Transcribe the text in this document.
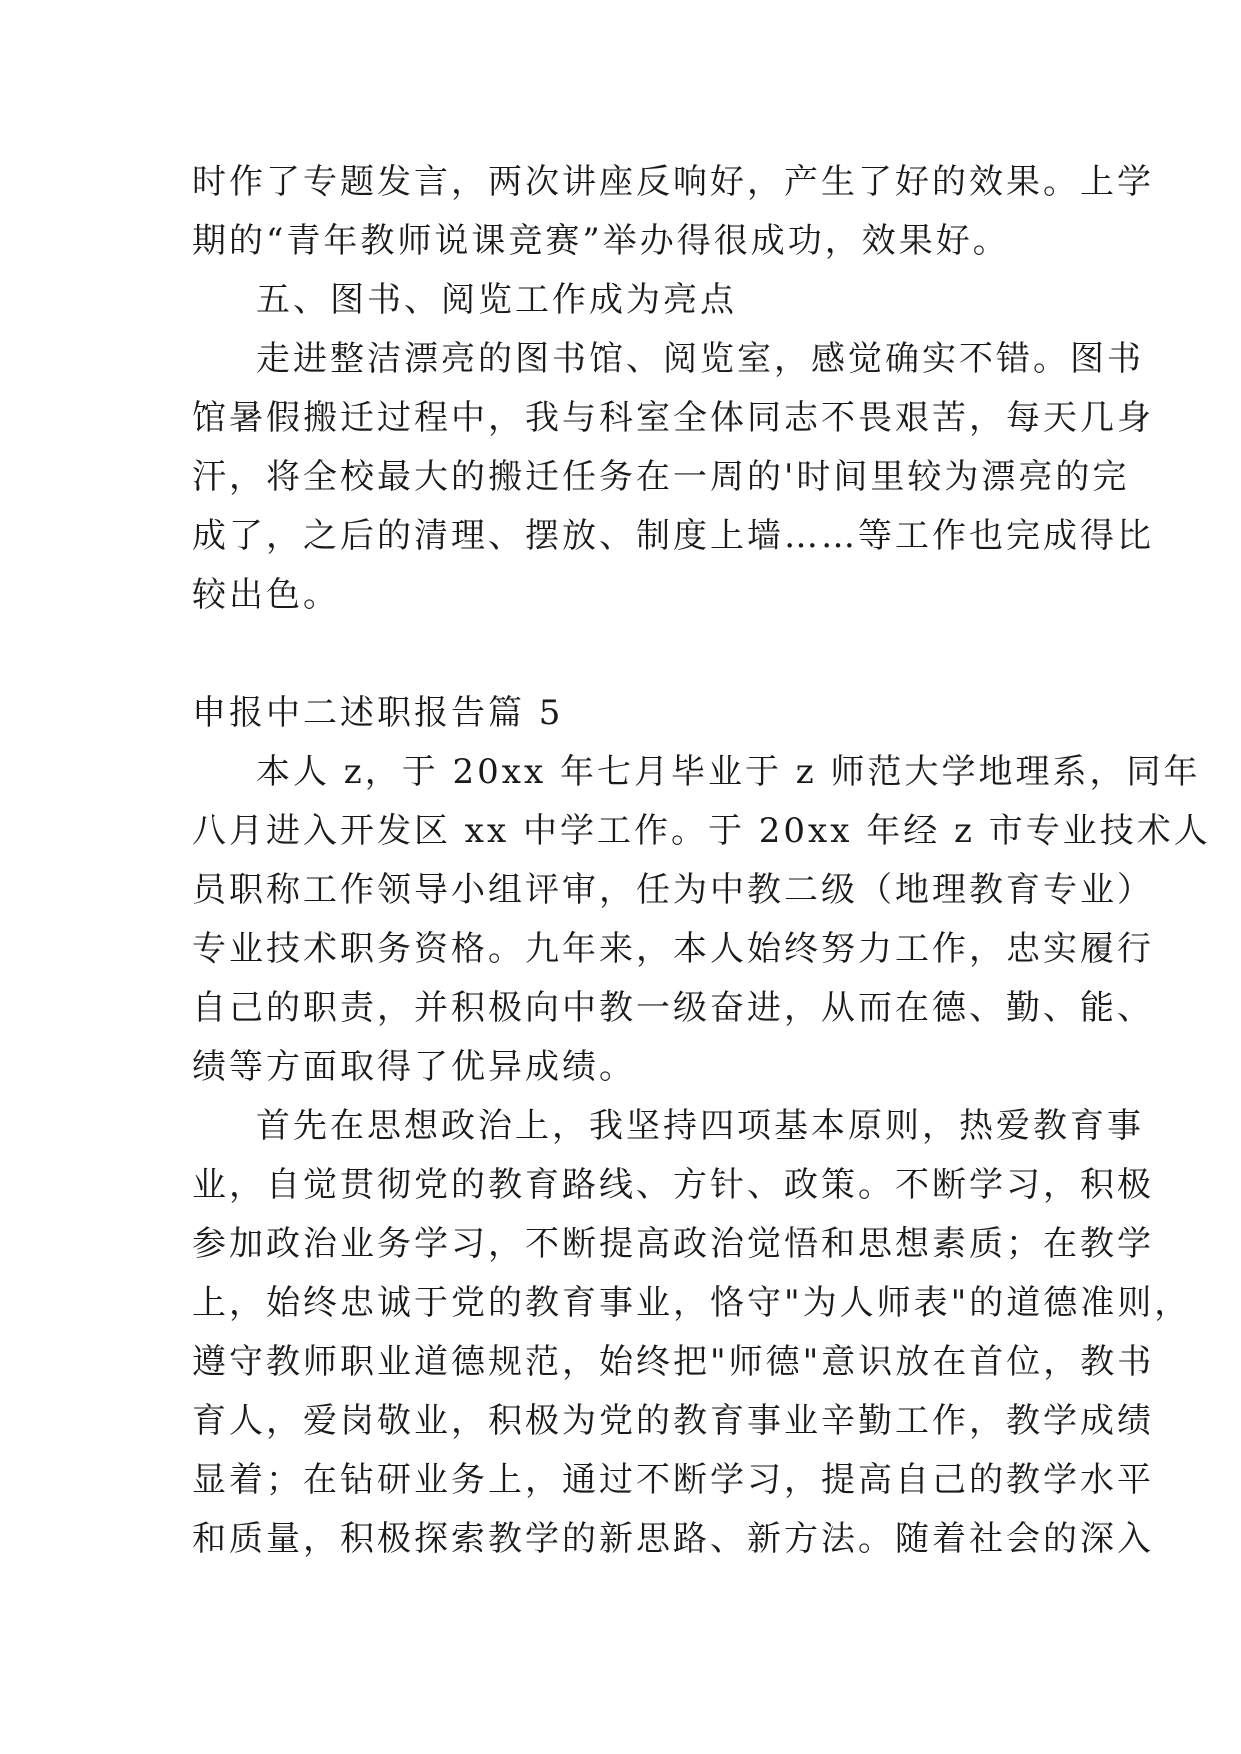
时作了专题发言，两次讲座反响好，产生了好的效果。上学

期的“青年教师说课竞赛”举办得很成功，效果好。

五、图书、阅览工作成为亮点

走进整洁漂亮的图书馆、阅览室，感觉确实不错。图书

馆暑假搬迁过程中，我与科室全体同志不畏艰苦，每天几身

汗，将全校最大的搬迁任务在一周的'时间里较为漂亮的完

成了，之后的清理、摆放、制度上墙……等工作也完成得比

较出色。

申报中二述职报告篇 5

本人 z，于 20xx 年七月毕业于 z 师范大学地理系，同年

八月进入开发区 xx 中学工作。于 20xx 年经 z 市专业技术人

员职称工作领导小组评审，任为中教二级（地理教育专业）

专业技术职务资格。九年来，本人始终努力工作，忠实履行

自己的职责，并积极向中教一级奋进，从而在德、勤、能、

绩等方面取得了优异成绩。

首先在思想政治上，我坚持四项基本原则，热爱教育事

业，自觉贯彻党的教育路线、方针、政策。不断学习，积极

参加政治业务学习，不断提高政治觉悟和思想素质；在教学

上，始终忠诚于党的教育事业，恪守"为人师表"的道德准则，

遵守教师职业道德规范，始终把"师德"意识放在首位，教书

育人，爱岗敬业，积极为党的教育事业辛勤工作，教学成绩

显着；在钻研业务上，通过不断学习，提高自己的教学水平

和质量，积极探索教学的新思路、新方法。随着社会的深入
